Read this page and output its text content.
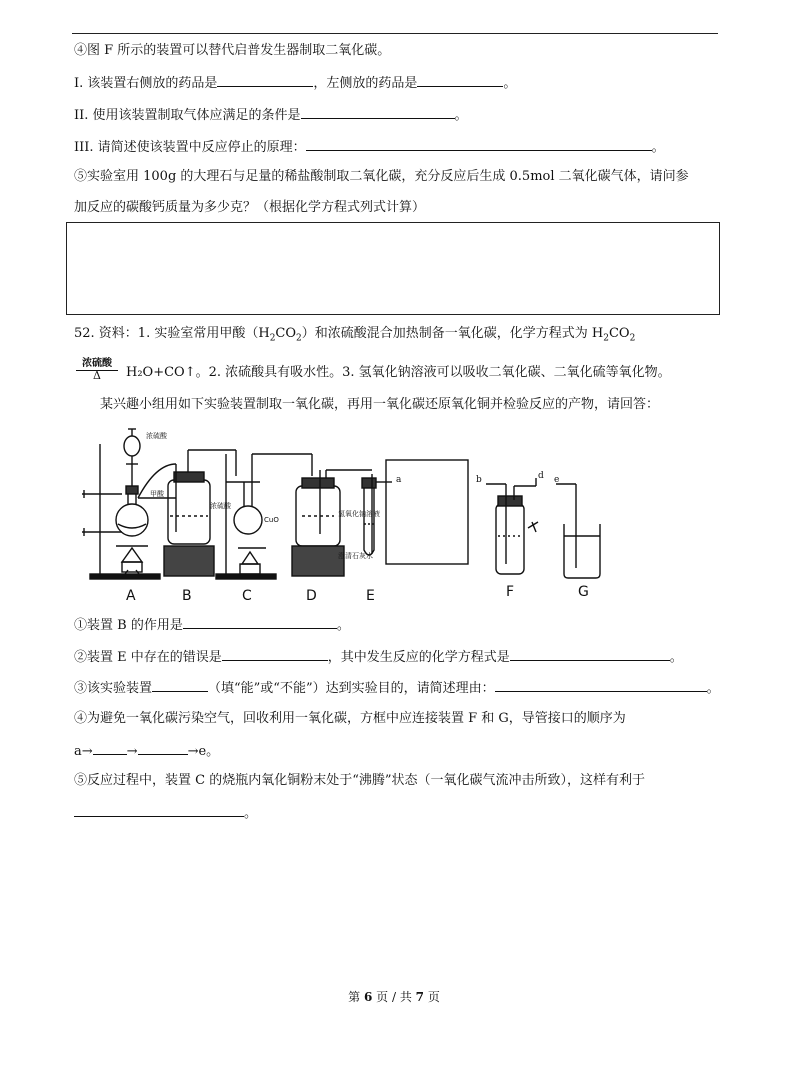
④图 F 所示的装置可以替代启普发生器制取二氧化碳。
I. 该装置右侧放的药品是	，左侧放的药品是	。
II. 使用该装置制取气体应满足的条件是	。
III. 请简述使该装置中反应停止的原理：	。
⑤实验室用 100g 的大理石与足量的稀盐酸制取二氧化碳，充分反应后生成 0.5mol 二氧化碳气体，请问参
加反应的碳酸钙质量为多少克？（根据化学方程式列式计算）
52. 资料：1. 实验室常用甲酸$(H_2CO_2)$和浓硫酸混合加热制备一氧化碳，化学方程式为 $H_2CO_2$
浓硫酸
Δ	H₂O+CO↑。2. 浓硫酸具有吸水性。3. 氢氧化钠溶液可以吸收二氧化碳、二氧化硫等氧化物。
某兴趣小组用如下实验装置制取一氧化碳，再用一氧化碳还原氧化铜并检验反应的产物，请回答：
浓硫酸
甲酸
浓硫酸
CuO
氢氧化钠溶液
澄清石灰水
a	b	d e
A	B	C	D	E	F	G
①装置 B 的作用是	。
②装置 E 中存在的错误是	，其中发生反应的化学方程式是	。
③该实验装置	（填“能”或“不能”）达到实验目的，请简述理由：	。
④为避免一氧化碳污染空气，回收利用一氧化碳，方框中应连接装置 F 和 G，导管接口的顺序为
a→	→	→e。
⑤反应过程中，装置 C 的烧瓶内氧化铜粉末处于“沸腾”状态（一氧化碳气流冲击所致），这样有利于
。
第 6 页 / 共 7 页
